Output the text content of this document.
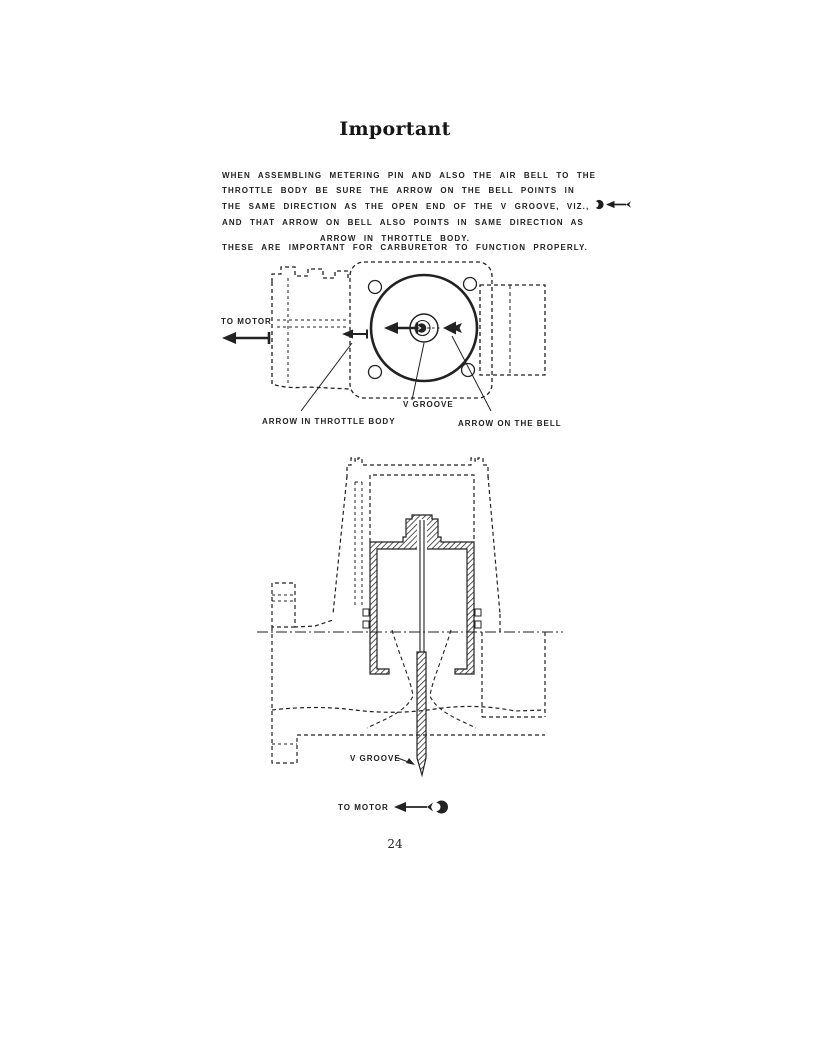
Important
WHEN ASSEMBLING METERING PIN AND ALSO THE AIR BELL TO THE
THROTTLE BODY BE SURE THE ARROW ON THE BELL POINTS IN
THE SAME DIRECTION AS THE OPEN END OF THE V GROOVE, VIZ.,
AND THAT ARROW ON BELL ALSO POINTS IN SAME DIRECTION AS
ARROW IN THROTTLE BODY.
THESE ARE IMPORTANT FOR CARBURETOR TO FUNCTION PROPERLY.
TO MOTOR
ARROW IN THROTTLE BODY
V GROOVE
ARROW ON THE BELL
V GROOVE
TO MOTOR
24
